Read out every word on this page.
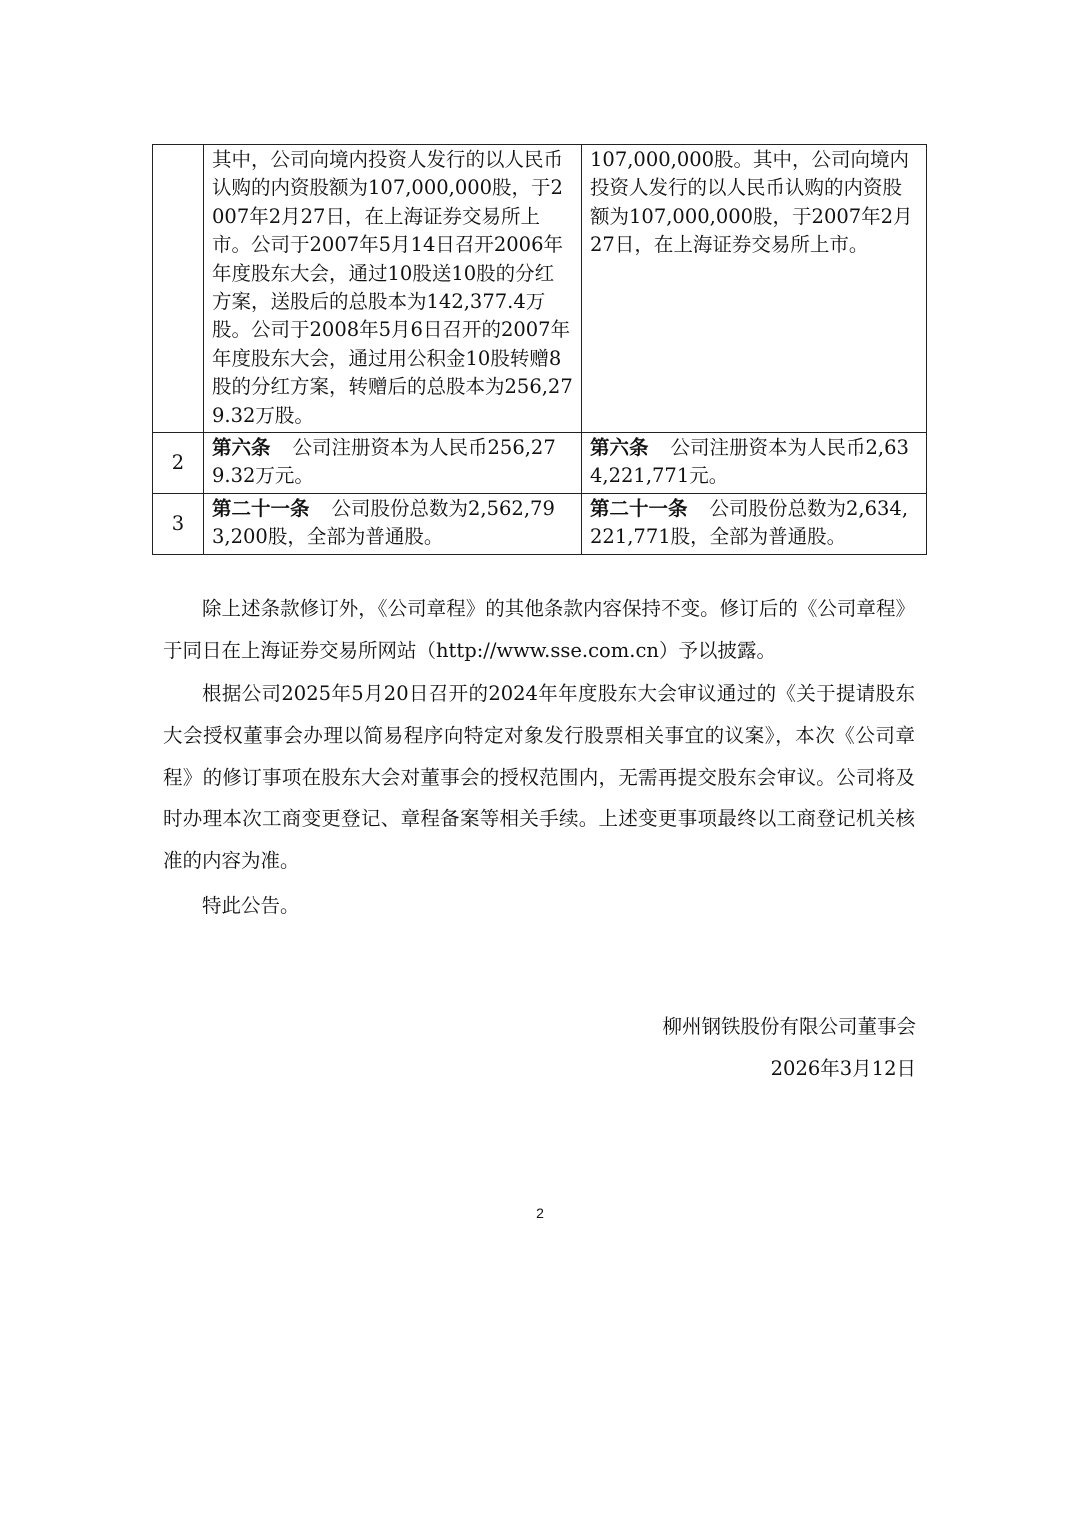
	其中，公司向境内投资人发行的以人民币认购的内资股额为107,000,000股，于2007年2月27日，在上海证券交易所上市。公司于2007年5月14日召开2006年年度股东大会，通过10股送10股的分红方案，送股后的总股本为142,377.4万股。公司于2008年5月6日召开的2007年年度股东大会，通过用公积金10股转赠8股的分红方案，转赠后的总股本为256,279.32万股。	107,000,000股。其中，公司向境内投资人发行的以人民币认购的内资股额为107,000,000股，于2007年2月27日，在上海证券交易所上市。
2	第六条 公司注册资本为人民币256,279.32万元。	第六条 公司注册资本为人民币2,634,221,771元。
3	第二十一条 公司股份总数为2,562,793,200股，全部为普通股。	第二十一条 公司股份总数为2,634,221,771股，全部为普通股。

除上述条款修订外，《公司章程》的其他条款内容保持不变。修订后的《公司章程》于同日在上海证券交易所网站（http://www.sse.com.cn）予以披露。

根据公司2025年5月20日召开的2024年年度股东大会审议通过的《关于提请股东大会授权董事会办理以简易程序向特定对象发行股票相关事宜的议案》，本次《公司章程》的修订事项在股东大会对董事会的授权范围内，无需再提交股东会审议。公司将及时办理本次工商变更登记、章程备案等相关手续。上述变更事项最终以工商登记机关核准的内容为准。

特此公告。

柳州钢铁股份有限公司董事会

2026年3月12日

2
